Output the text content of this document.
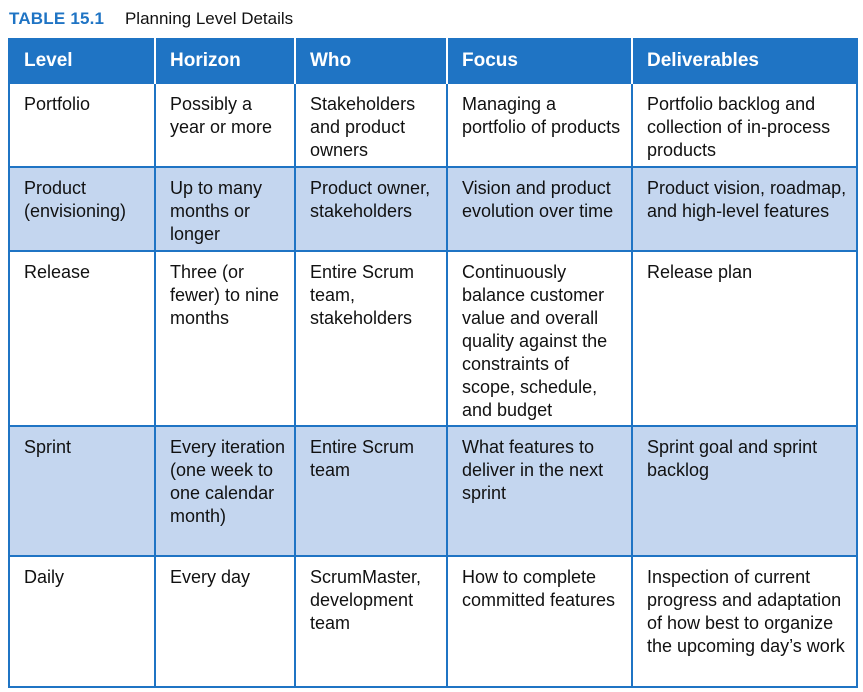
TABLE 15.1 Planning Level Details
Level	Horizon	Who	Focus	Deliverables
Portfolio	Possibly a year or more	Stakeholders and product owners	Managing a portfolio of products	Portfolio backlog and collection of in-process products
Product (envisioning)	Up to many months or longer	Product owner, stakeholders	Vision and product evolution over time	Product vision, roadmap, and high-level features
Release	Three (or fewer) to nine months	Entire Scrum team, stakeholders	Continuously balance customer value and overall quality against the constraints of scope, schedule, and budget	Release plan
Sprint	Every iteration (one week to one calendar month)	Entire Scrum team	What features to deliver in the next sprint	Sprint goal and sprint backlog
Daily	Every day	ScrumMaster, development team	How to complete committed features	Inspection of current progress and adaptation of how best to organize the upcoming day’s work
